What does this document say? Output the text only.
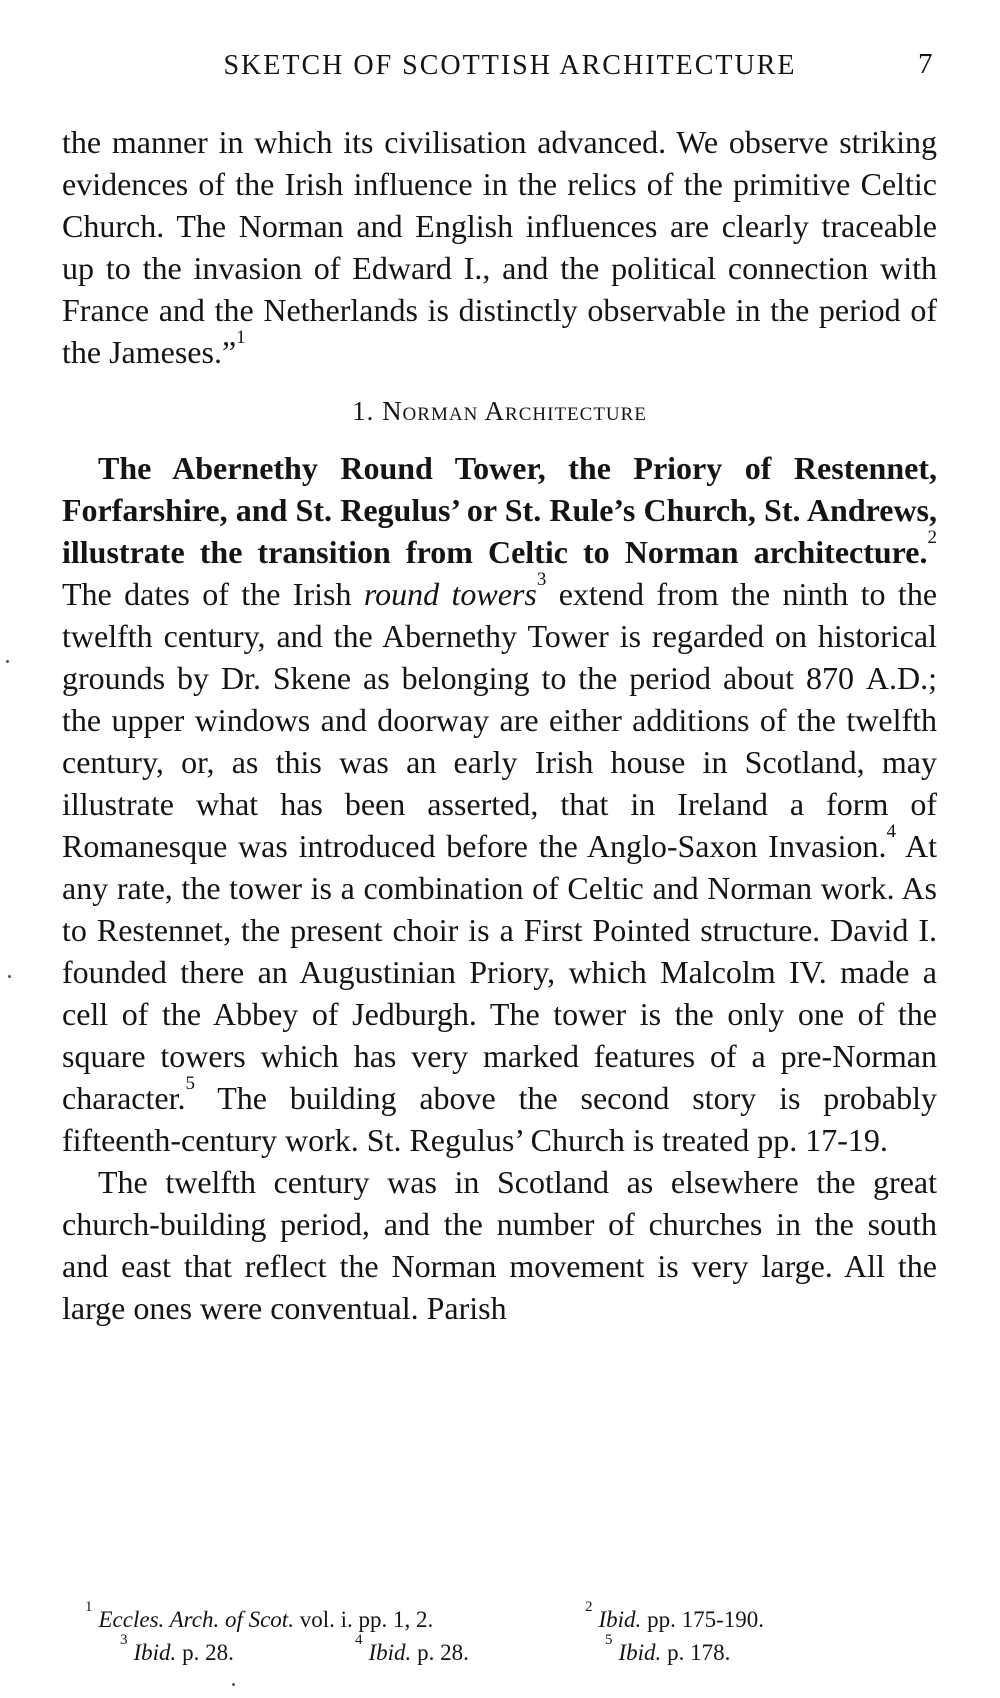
SKETCH OF SCOTTISH ARCHITECTURE	7

the manner in which its civilisation advanced. We observe striking evidences of the Irish influence in the relics of the primitive Celtic Church. The Norman and English influences are clearly traceable up to the invasion of Edward I., and the political connection with France and the Netherlands is distinctly observable in the period of the Jameses.”$^1$

1. Norman Architecture

The Abernethy Round Tower, the Priory of Restennet, Forfarshire, and St. Regulus’ or St. Rule’s Church, St. Andrews, illustrate the transition from Celtic to Norman architecture.$^2$ The dates of the Irish round towers$^3$ extend from the ninth to the twelfth century, and the Abernethy Tower is regarded on historical grounds by Dr. Skene as belonging to the period about 870 A.D.; the upper windows and doorway are either additions of the twelfth century, or, as this was an early Irish house in Scotland, may illustrate what has been asserted, that in Ireland a form of Romanesque was introduced before the Anglo-Saxon Invasion.$^4$ At any rate, the tower is a combination of Celtic and Norman work. As to Restennet, the present choir is a First Pointed structure. David I. founded there an Augustinian Priory, which Malcolm IV. made a cell of the Abbey of Jedburgh. The tower is the only one of the square towers which has very marked features of a pre-Norman character.$^5$ The building above the second story is probably fifteenth-century work. St. Regulus’ Church is treated pp. 17-19.

The twelfth century was in Scotland as elsewhere the great church-building period, and the number of churches in the south and east that reflect the Norman movement is very large. All the large ones were conventual. Parish

$^1$ Eccles. Arch. of Scot. vol. i. pp. 1, 2.	$^2$ Ibid. pp. 175-190.
$^3$ Ibid. p. 28.	$^4$ Ibid. p. 28.	$^5$ Ibid. p. 178.
